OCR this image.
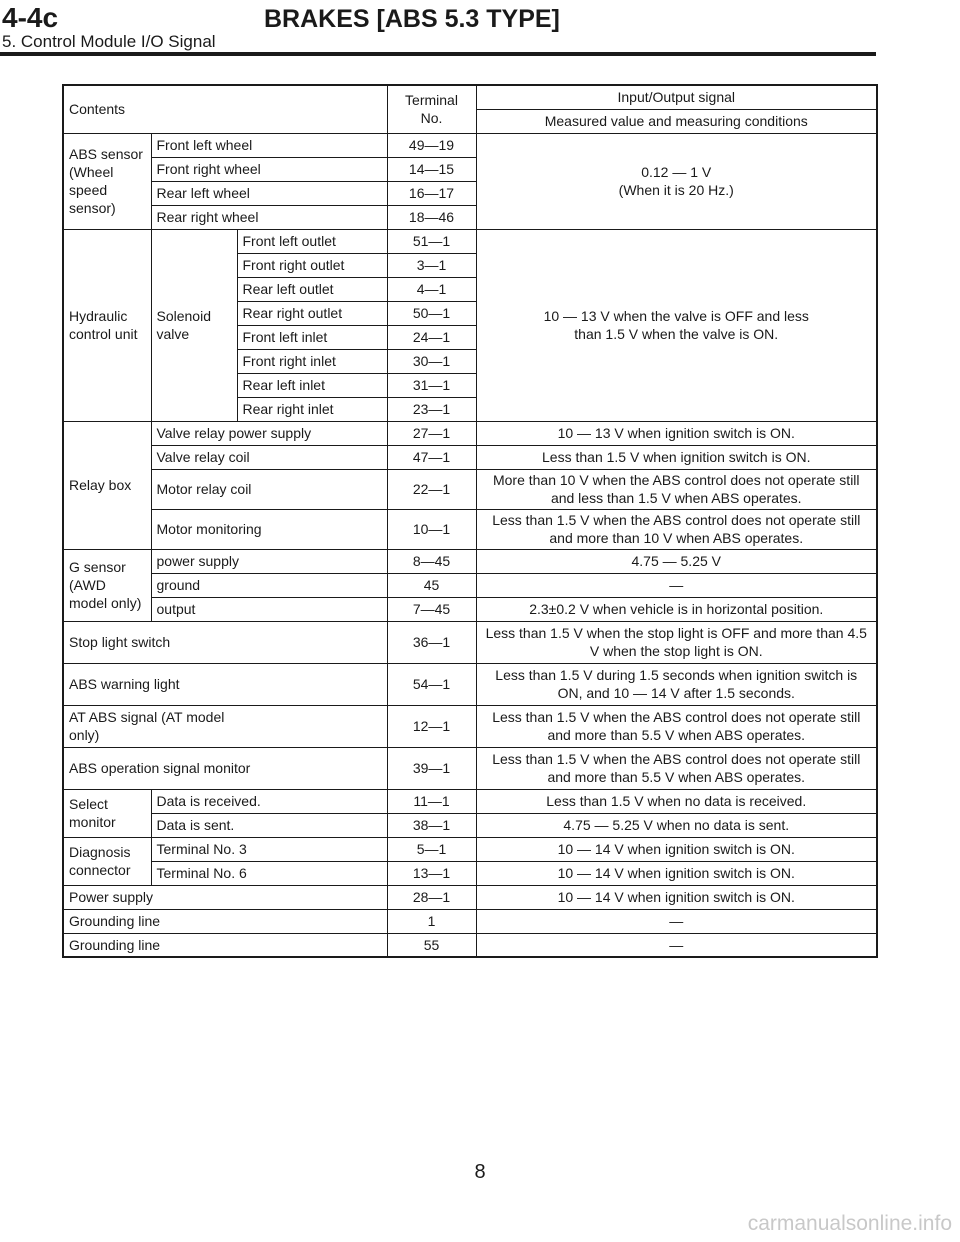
4-4c	BRAKES [ABS 5.3 TYPE]
5. Control Module I/O Signal
Contents			Terminal No.	Input/Output signal
				Measured value and measuring conditions
ABS sensor (Wheel speed sensor)	Front left wheel		49—19	0.12 — 1 V
(When it is 20 Hz.)

	Front right wheel		14—15	
	Rear left wheel		16—17	
	Rear right wheel		18—46	
Hydraulic control unit	Solenoid valve	Front left outlet	51—1	10 — 13 V when the valve is OFF and less than 1.5 V when the valve is ON.
		Front right outlet	3—1	
		Rear left outlet	4—1	
		Rear right outlet	50—1	
		Front left inlet	24—1	
		Front right inlet	30—1	
		Rear left inlet	31—1	
		Rear right inlet	23—1	
Relay box	Valve relay power supply		27—1	10 — 13 V when ignition switch is ON.
	Valve relay coil		47—1	Less than 1.5 V when ignition switch is ON.
	Motor relay coil		22—1	More than 10 V when the ABS control does not operate still and less than 1.5 V when ABS operates.
	Motor monitoring		10—1	Less than 1.5 V when the ABS control does not operate still and more than 10 V when ABS operates.
G sensor (AWD model only)	power supply		8—45	4.75 — 5.25 V
	ground		45	—
	output		7—45	2.3±0.2 V when vehicle is in horizontal position.
Stop light switch			36—1	Less than 1.5 V when the stop light is OFF and more than 4.5 V when the stop light is ON.
ABS warning light			54—1	Less than 1.5 V during 1.5 seconds when ignition switch is ON, and 10 — 14 V after 1.5 seconds.
AT ABS signal (AT model only)			12—1	Less than 1.5 V when the ABS control does not operate still and more than 5.5 V when ABS operates.
ABS operation signal monitor			39—1	Less than 1.5 V when the ABS control does not operate still and more than 5.5 V when ABS operates.
Select monitor	Data is received.		11—1	Less than 1.5 V when no data is received.
	Data is sent.		38—1	4.75 — 5.25 V when no data is sent.
Diagnosis connector	Terminal No. 3		5—1	10 — 14 V when ignition switch is ON.
	Terminal No. 6		13—1	10 — 14 V when ignition switch is ON.
Power supply			28—1	10 — 14 V when ignition switch is ON.
Grounding line			1	—
Grounding line			55	—
8
carmanualsonline.info
